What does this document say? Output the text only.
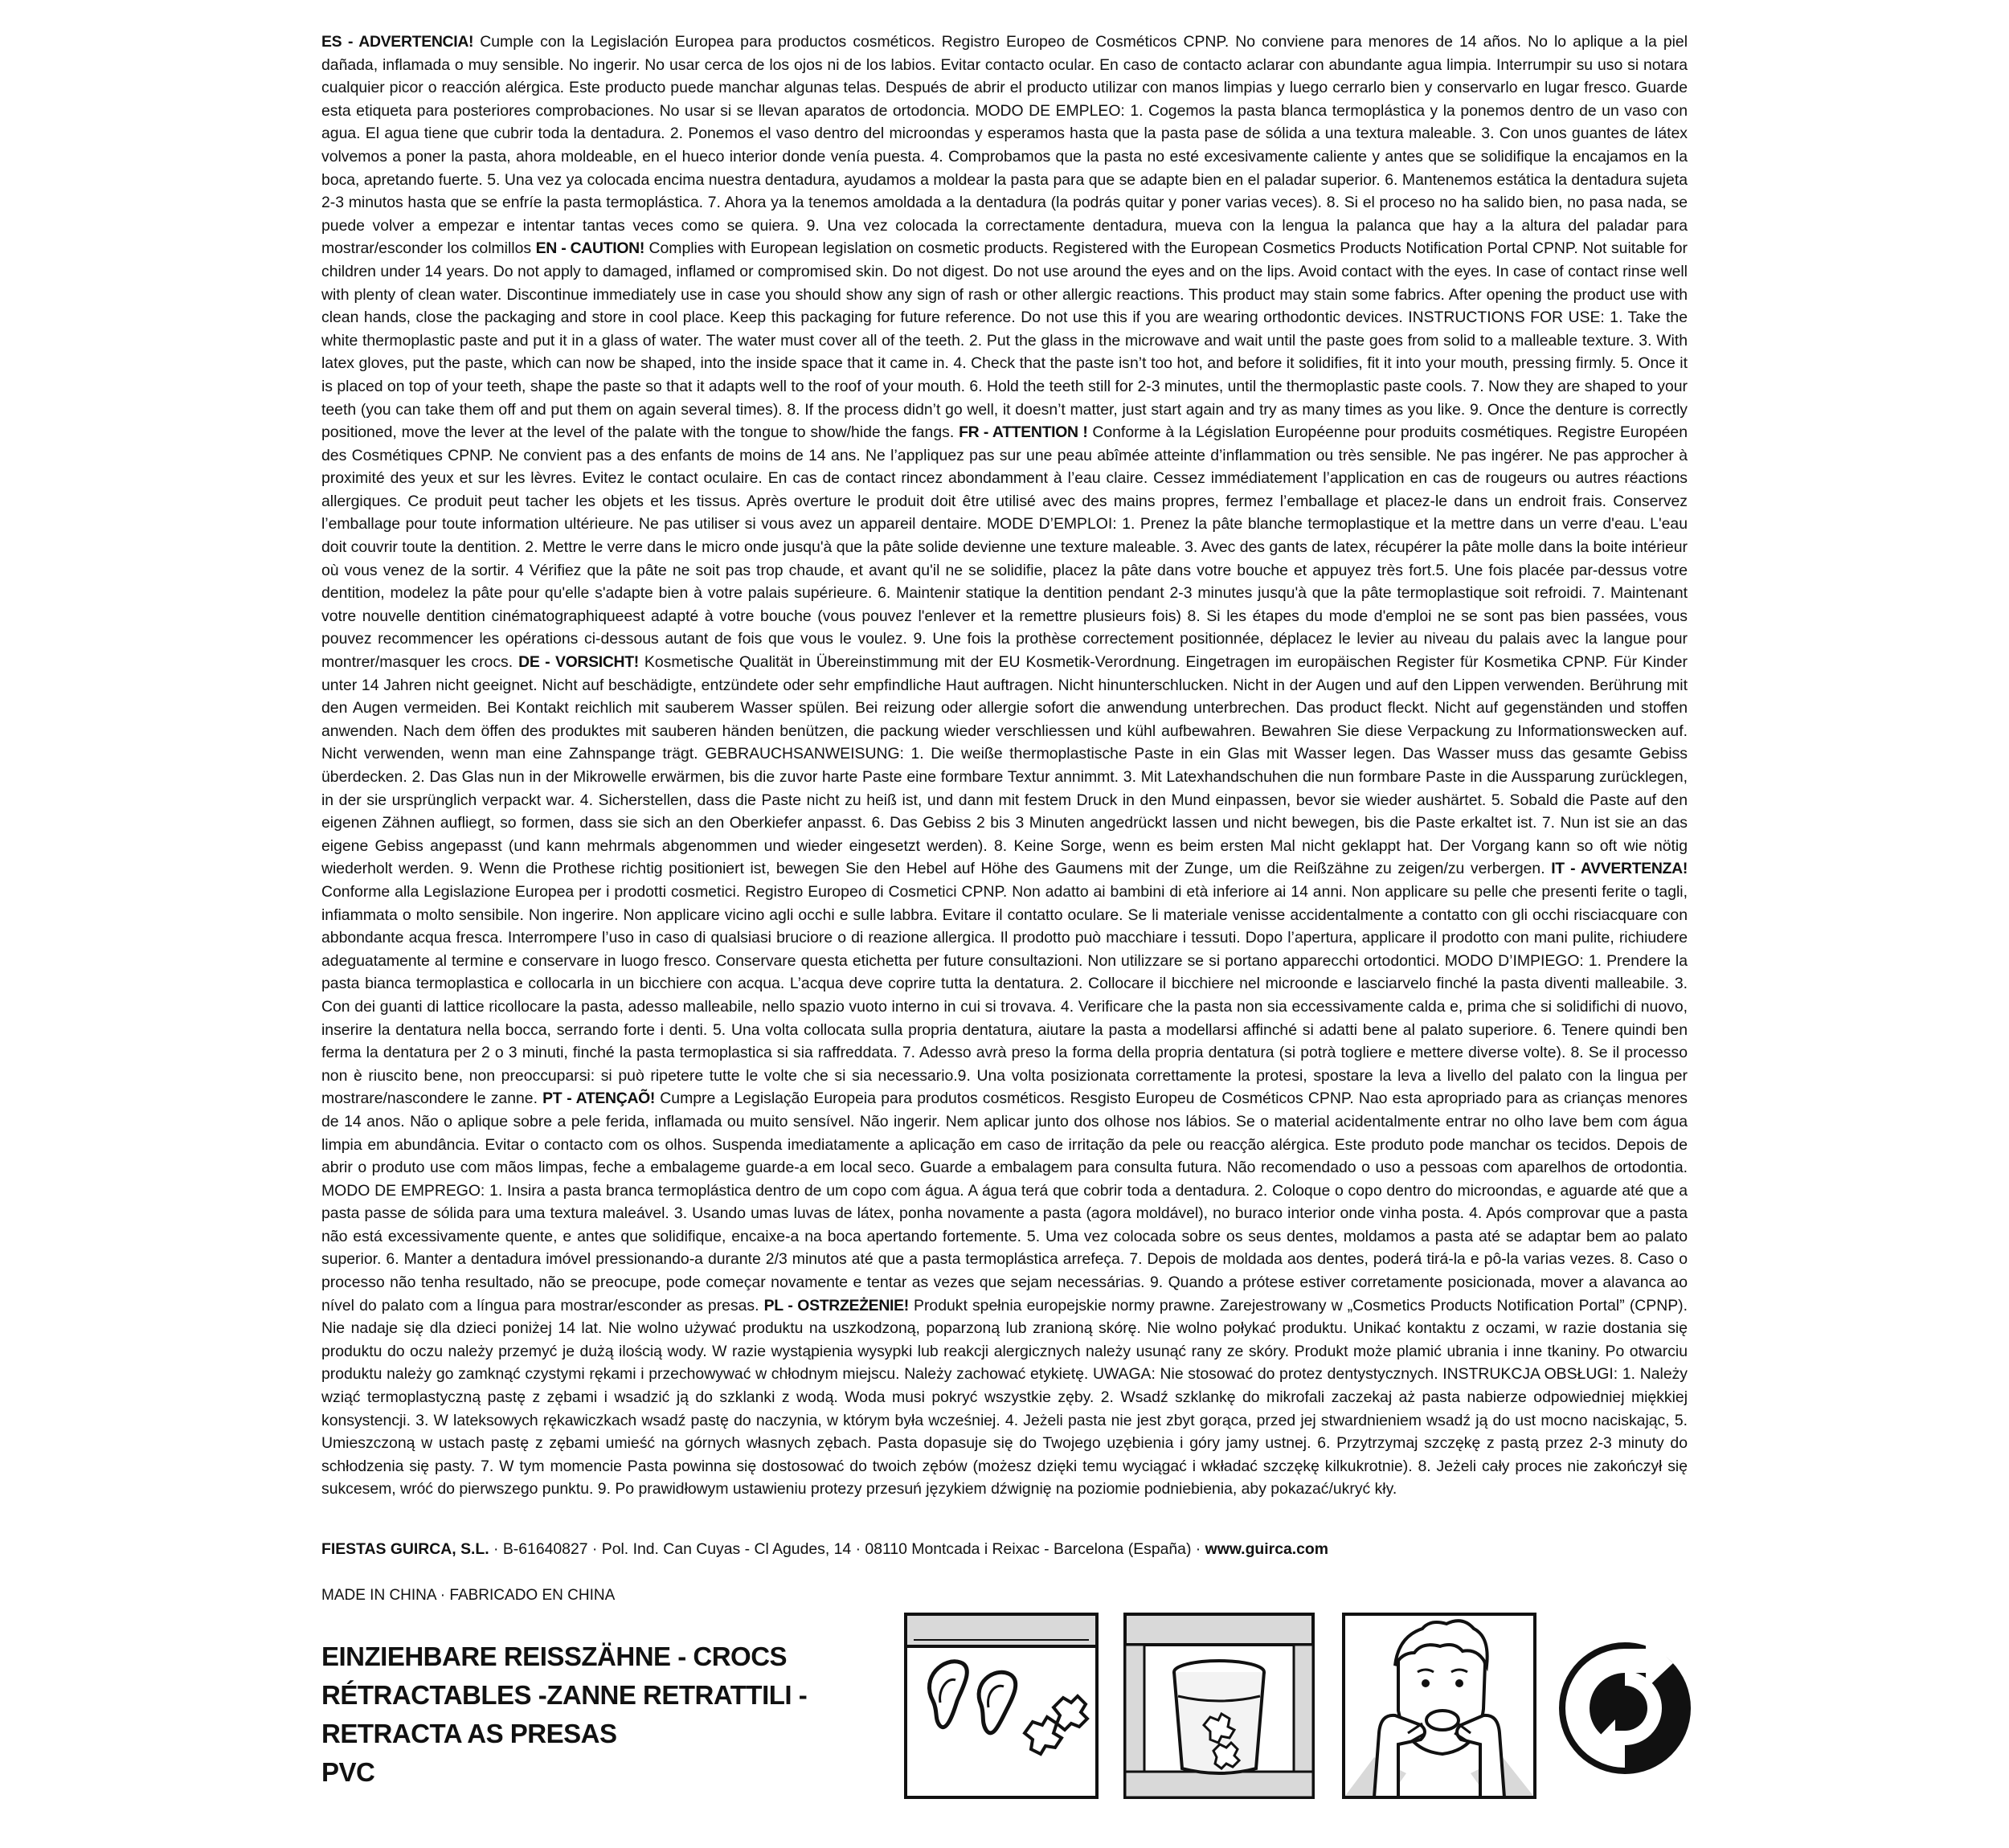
ES - ADVERTENCIA! Cumple con la Legislación Europea para productos cosméticos. Registro Europeo de Cosméticos CPNP. No conviene para menores de 14 años. No lo aplique a la piel dañada, inflamada o muy sensible. No ingerir. No usar cerca de los ojos ni de los labios. Evitar contacto ocular. En caso de contacto aclarar con abundante agua limpia. Interrumpir su uso si notara cualquier picor o reacción alérgica. Este producto puede manchar algunas telas. Después de abrir el producto utilizar con manos limpias y luego cerrarlo bien y conservarlo en lugar fresco. Guarde esta etiqueta para posteriores comprobaciones. No usar si se llevan aparatos de ortodoncia. MODO DE EMPLEO: 1. Cogemos la pasta blanca termoplástica y la ponemos dentro de un vaso con agua. El agua tiene que cubrir toda la dentadura. 2. Ponemos el vaso dentro del microondas y esperamos hasta que la pasta pase de sólida a una textura maleable. 3. Con unos guantes de látex volvemos a poner la pasta, ahora moldeable, en el hueco interior donde venía puesta. 4. Comprobamos que la pasta no esté excesivamente caliente y antes que se solidifique la encajamos en la boca, apretando fuerte. 5. Una vez ya colocada encima nuestra dentadura, ayudamos a moldear la pasta para que se adapte bien en el paladar superior. 6. Mantenemos estática la dentadura sujeta 2-3 minutos hasta que se enfríe la pasta termoplástica. 7. Ahora ya la tenemos amoldada a la dentadura (la podrás quitar y poner varias veces). 8. Si el proceso no ha salido bien, no pasa nada, se puede volver a empezar e intentar tantas veces como se quiera. 9. Una vez colocada la correctamente dentadura, mueva con la lengua la palanca que hay a la altura del paladar para mostrar/esconder los colmillos EN - CAUTION! Complies with European legislation on cosmetic products. Registered with the European Cosmetics Products Notification Portal CPNP. Not suitable for children under 14 years. Do not apply to damaged, inflamed or compromised skin. Do not digest. Do not use around the eyes and on the lips. Avoid contact with the eyes. In case of contact rinse well with plenty of clean water. Discontinue immediately use in case you should show any sign of rash or other allergic reactions. This product may stain some fabrics. After opening the product use with clean hands, close the packaging and store in cool place. Keep this packaging for future reference. Do not use this if you are wearing orthodontic devices. INSTRUCTIONS FOR USE: 1. Take the white thermoplastic paste and put it in a glass of water. The water must cover all of the teeth. 2. Put the glass in the microwave and wait until the paste goes from solid to a malleable texture. 3. With latex gloves, put the paste, which can now be shaped, into the inside space that it came in. 4. Check that the paste isn’t too hot, and before it solidifies, fit it into your mouth, pressing firmly. 5. Once it is placed on top of your teeth, shape the paste so that it adapts well to the roof of your mouth. 6. Hold the teeth still for 2-3 minutes, until the thermoplastic paste cools. 7. Now they are shaped to your teeth (you can take them off and put them on again several times). 8. If the process didn’t go well, it doesn’t matter, just start again and try as many times as you like. 9. Once the denture is correctly positioned, move the lever at the level of the palate with the tongue to show/hide the fangs. FR - ATTENTION ! Conforme à la Législation Européenne pour produits cosmétiques. Registre Européen des Cosmétiques CPNP. Ne convient pas a des enfants de moins de 14 ans. Ne l’appliquez pas sur une peau abîmée atteinte d’inflammation ou très sensible. Ne pas ingérer. Ne pas approcher à proximité des yeux et sur les lèvres. Evitez le contact oculaire. En cas de contact rincez abondamment à l’eau claire. Cessez immédiatement l’application en cas de rougeurs ou autres réactions allergiques. Ce produit peut tacher les objets et les tissus. Après overture le produit doit être utilisé avec des mains propres, fermez l’emballage et placez-le dans un endroit frais. Conservez l’emballage pour toute information ultérieure. Ne pas utiliser si vous avez un appareil dentaire. MODE D’EMPLOI: 1. Prenez la pâte blanche termoplastique et la mettre dans un verre d'eau. L'eau doit couvrir toute la dentition. 2. Mettre le verre dans le micro onde jusqu'à que la pâte solide devienne une texture maleable. 3. Avec des gants de latex, récupérer la pâte molle dans la boite intérieur où vous venez de la sortir. 4 Vérifiez que la pâte ne soit pas trop chaude, et avant qu'il ne se solidifie, placez la pâte dans votre bouche et appuyez très fort.5. Une fois placée par-dessus votre dentition, modelez la pâte pour qu'elle s'adapte bien à votre palais supérieure. 6. Maintenir statique la dentition pendant 2-3 minutes jusqu'à que la pâte termoplastique soit refroidi. 7. Maintenant votre nouvelle dentition cinématographiqueest adapté à votre bouche (vous pouvez l'enlever et la remettre plusieurs fois) 8. Si les étapes du mode d'emploi ne se sont pas bien passées, vous pouvez recommencer les opérations ci-dessous autant de fois que vous le voulez. 9. Une fois la prothèse correctement positionnée, déplacez le levier au niveau du palais avec la langue pour montrer/masquer les crocs. DE - VORSICHT! Kosmetische Qualität in Übereinstimmung mit der EU Kosmetik-Verordnung. Eingetragen im europäischen Register für Kosmetika CPNP. Für Kinder unter 14 Jahren nicht geeignet. Nicht auf beschädigte, entzündete oder sehr empfindliche Haut auftragen. Nicht hinunterschlucken. Nicht in der Augen und auf den Lippen verwenden. Berührung mit den Augen vermeiden. Bei Kontakt reichlich mit sauberem Wasser spülen. Bei reizung oder allergie sofort die anwendung unterbrechen. Das product fleckt. Nicht auf gegenständen und stoffen anwenden. Nach dem öffen des produktes mit sauberen händen benützen, die packung wieder verschliessen und kühl aufbewahren. Bewahren Sie diese Verpackung zu Informationswecken auf. Nicht verwenden, wenn man eine Zahnspange trägt. GEBRAUCHSANWEISUNG: 1. Die weiße thermoplastische Paste in ein Glas mit Wasser legen. Das Wasser muss das gesamte Gebiss überdecken. 2. Das Glas nun in der Mikrowelle erwärmen, bis die zuvor harte Paste eine formbare Textur annimmt. 3. Mit Latexhandschuhen die nun formbare Paste in die Aussparung zurücklegen, in der sie ursprünglich verpackt war. 4. Sicherstellen, dass die Paste nicht zu heiß ist, und dann mit festem Druck in den Mund einpassen, bevor sie wieder aushärtet. 5. Sobald die Paste auf den eigenen Zähnen aufliegt, so formen, dass sie sich an den Oberkiefer anpasst. 6. Das Gebiss 2 bis 3 Minuten angedrückt lassen und nicht bewegen, bis die Paste erkaltet ist. 7. Nun ist sie an das eigene Gebiss angepasst (und kann mehrmals abgenommen und wieder eingesetzt werden). 8. Keine Sorge, wenn es beim ersten Mal nicht geklappt hat. Der Vorgang kann so oft wie nötig wiederholt werden. 9. Wenn die Prothese richtig positioniert ist, bewegen Sie den Hebel auf Höhe des Gaumens mit der Zunge, um die Reißzähne zu zeigen/zu verbergen. IT - AVVERTENZA! Conforme alla Legislazione Europea per i prodotti cosmetici. Registro Europeo di Cosmetici CPNP. Non adatto ai bambini di età inferiore ai 14 anni. Non applicare su pelle che presenti ferite o tagli, infiammata o molto sensibile. Non ingerire. Non applicare vicino agli occhi e sulle labbra. Evitare il contatto oculare. Se li materiale venisse accidentalmente a contatto con gli occhi risciacquare con abbondante acqua fresca. Interrompere l’uso in caso di qualsiasi bruciore o di reazione allergica. Il prodotto può macchiare i tessuti. Dopo l’apertura, applicare il prodotto con mani pulite, richiudere adeguatamente al termine e conservare in luogo fresco. Conservare questa etichetta per future consultazioni. Non utilizzare se si portano apparecchi ortodontici. MODO D’IMPIEGO: 1. Prendere la pasta bianca termoplastica e collocarla in un bicchiere con acqua. L’acqua deve coprire tutta la dentatura. 2. Collocare il bicchiere nel microonde e lasciarvelo finché la pasta diventi malleabile. 3. Con dei guanti di lattice ricollocare la pasta, adesso malleabile, nello spazio vuoto interno in cui si trovava. 4. Verificare che la pasta non sia eccessivamente calda e, prima che si solidifichi di nuovo, inserire la dentatura nella bocca, serrando forte i denti. 5. Una volta collocata sulla propria dentatura, aiutare la pasta a modellarsi affinché si adatti bene al palato superiore. 6. Tenere quindi ben ferma la dentatura per 2 o 3 minuti, finché la pasta termoplastica si sia raffreddata. 7. Adesso avrà preso la forma della propria dentatura (si potrà togliere e mettere diverse volte). 8. Se il processo non è riuscito bene, non preoccuparsi: si può ripetere tutte le volte che si sia necessario.9. Una volta posizionata correttamente la protesi, spostare la leva a livello del palato con la lingua per mostrare/nascondere le zanne. PT - ATENÇAÕ! Cumpre a Legislação Europeia para produtos cosméticos. Resgisto Europeu de Cosméticos CPNP. Nao esta apropriado para as crianças menores de 14 anos. Não o aplique sobre a pele ferida, inflamada ou muito sensível. Não ingerir. Nem aplicar junto dos olhose nos lábios. Se o material acidentalmente entrar no olho lave bem com água limpia em abundância. Evitar o contacto com os olhos. Suspenda imediatamente a aplicação em caso de irritação da pele ou reacção alérgica. Este produto pode manchar os tecidos. Depois de abrir o produto use com mãos limpas, feche a embalageme guarde-a em local seco. Guarde a embalagem para consulta futura. Não recomendado o uso a pessoas com aparelhos de ortodontia. MODO DE EMPREGO: 1. Insira a pasta branca termoplástica dentro de um copo com água. A água terá que cobrir toda a dentadura. 2. Coloque o copo dentro do microondas, e aguarde até que a pasta passe de sólida para uma textura maleável. 3. Usando umas luvas de látex, ponha novamente a pasta (agora moldável), no buraco interior onde vinha posta. 4. Após comprovar que a pasta não está excessivamente quente, e antes que solidifique, encaixe-a na boca apertando fortemente. 5. Uma vez colocada sobre os seus dentes, moldamos a pasta até se adaptar bem ao palato superior. 6. Manter a dentadura imóvel pressionando-a durante 2/3 minutos até que a pasta termoplástica arrefeça. 7. Depois de moldada aos dentes, poderá tirá-la e pô-la varias vezes. 8. Caso o processo não tenha resultado, não se preocupe, pode começar novamente e tentar as vezes que sejam necessárias. 9. Quando a prótese estiver corretamente posicionada, mover a alavanca ao nível do palato com a língua para mostrar/esconder as presas. PL - OSTRZEŻENIE! Produkt spełnia europejskie normy prawne. Zarejestrowany w „Cosmetics Products Notification Portal” (CPNP). Nie nadaje się dla dzieci poniżej 14 lat. Nie wolno używać produktu na uszkodzoną, poparzoną lub zranioną skórę. Nie wolno połykać produktu. Unikać kontaktu z oczami, w razie dostania się produktu do oczu należy przemyć je dużą ilością wody. W razie wystąpienia wysypki lub reakcji alergicznych należy usunąć rany ze skóry. Produkt może plamić ubrania i inne tkaniny. Po otwarciu produktu należy go zamknąć czystymi rękami i przechowywać w chłodnym miejscu. Należy zachować etykietę. UWAGA: Nie stosować do protez dentystycznych. INSTRUKCJA OBSŁUGI: 1. Należy wziąć termoplastyczną pastę z zębami i wsadzić ją do szklanki z wodą. Woda musi pokryć wszystkie zęby. 2. Wsadź szklankę do mikrofali zaczekaj aż pasta nabierze odpowiedniej miękkiej konsystencji. 3. W lateksowych rękawiczkach wsadź pastę do naczynia, w którym była wcześniej. 4. Jeżeli pasta nie jest zbyt gorąca, przed jej stwardnieniem wsadź ją do ust mocno naciskając, 5. Umieszczoną w ustach pastę z zębami umieść na górnych własnych zębach. Pasta dopasuje się do Twojego uzębienia i góry jamy ustnej. 6. Przytrzymaj szczękę z pastą przez 2-3 minuty do schłodzenia się pasty. 7. W tym momencie Pasta powinna się dostosować do twoich zębów (możesz dzięki temu wyciągać i wkładać szczękę kilkukrotnie). 8. Jeżeli cały proces nie zakończył się sukcesem, wróć do pierwszego punktu. 9. Po prawidłowym ustawieniu protezy przesuń językiem dźwignię na poziomie podniebienia, aby pokazać/ukryć kły.

FIESTAS GUIRCA, S.L. · B-61640827 · Pol. Ind. Can Cuyas - Cl Agudes, 14 · 08110 Montcada i Reixac - Barcelona (España) · www.guirca.com
MADE IN CHINA · FABRICADO EN CHINA
EINZIEHBARE REISSZÄHNE - CROCS
RÉTRACTABLES -ZANNE RETRATTILI -
RETRACTA AS PRESAS
PVC
